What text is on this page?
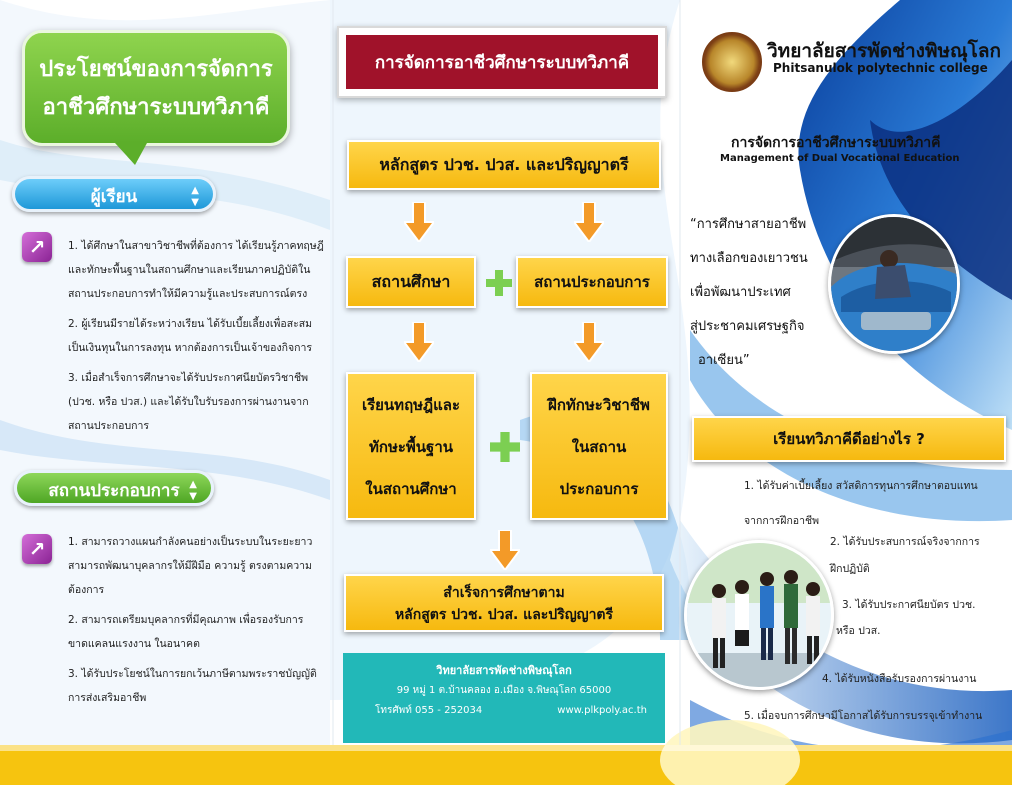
ประโยชน์ของการจัดการ
อาชีวศึกษาระบบทวิภาคี
ผู้เรียน	▲
▼
↗	1. ได้ศึกษาในสาขาวิชาชีพที่ต้องการ ได้เรียนรู้ภาคทฤษฎี และทักษะพื้นฐานในสถานศึกษาและเรียนภาคปฏิบัติในสถานประกอบการทำให้มีความรู้และประสบการณ์ตรง

2. ผู้เรียนมีรายได้ระหว่างเรียน ได้รับเบี้ยเลี้ยงเพื่อสะสมเป็นเงินทุนในการลงทุน หากต้องการเป็นเจ้าของกิจการ

3. เมื่อสำเร็จการศึกษาจะได้รับประกาศนียบัตรวิชาชีพ (ปวช. หรือ ปวส.) และได้รับใบรับรองการผ่านงานจากสถานประกอบการ

สถานประกอบการ ▲
▼
↗	1. สามารถวางแผนกำลังคนอย่างเป็นระบบในระยะยาว สามารถพัฒนาบุคลากรให้มีฝีมือ ความรู้ ตรงตามความต้องการ

2. สามารถเตรียมบุคลากรที่มีคุณภาพ เพื่อรองรับการขาดแคลนแรงงาน ในอนาคต

3. ได้รับประโยชน์ในการยกเว้นภาษีตามพระราชบัญญัติการส่งเสริมอาชีพ

การจัดการอาชีวศึกษาระบบทวิภาคี
หลักสูตร ปวช. ปวส. และปริญญาตรี
สถานศึกษา	สถานประกอบการ
เรียนทฤษฎีและ
ทักษะพื้นฐาน
ในสถานศึกษา
ฝึกทักษะวิชาชีพ
ในสถาน
ประกอบการ
สำเร็จการศึกษาตาม
หลักสูตร ปวช. ปวส. และปริญญาตรี
วิทยาลัยสารพัดช่างพิษณุโลก
99 หมู่ 1 ต.บ้านคลอง อ.เมือง จ.พิษณุโลก 65000
โทรศัพท์ 055 - 252034	www.plkpoly.ac.th
วิทยาลัยสารพัดช่างพิษณุโลก
Phitsanulok polytechnic college
การจัดการอาชีวศึกษาระบบทวิภาคี
Management of Dual Vocational Education
“การศึกษาสายอาชีพ
ทางเลือกของเยาวชน
เพื่อพัฒนาประเทศ
สู่ประชาคมเศรษฐกิจ
อาเซียน”
เรียนทวิภาคีดีอย่างไร ?
1. ได้รับค่าเบี้ยเลี้ยง สวัสดิการทุนการศึกษาตอบแทน
จากการฝึกอาชีพ
2. ได้รับประสบการณ์จริงจากการ
ฝึกปฏิบัติ
3. ได้รับประกาศนียบัตร ปวช.
หรือ ปวส.
4. ได้รับหนังสือรับรองการผ่านงาน
5. เมื่อจบการศึกษามีโอกาสได้รับการบรรจุเข้าทำงาน
